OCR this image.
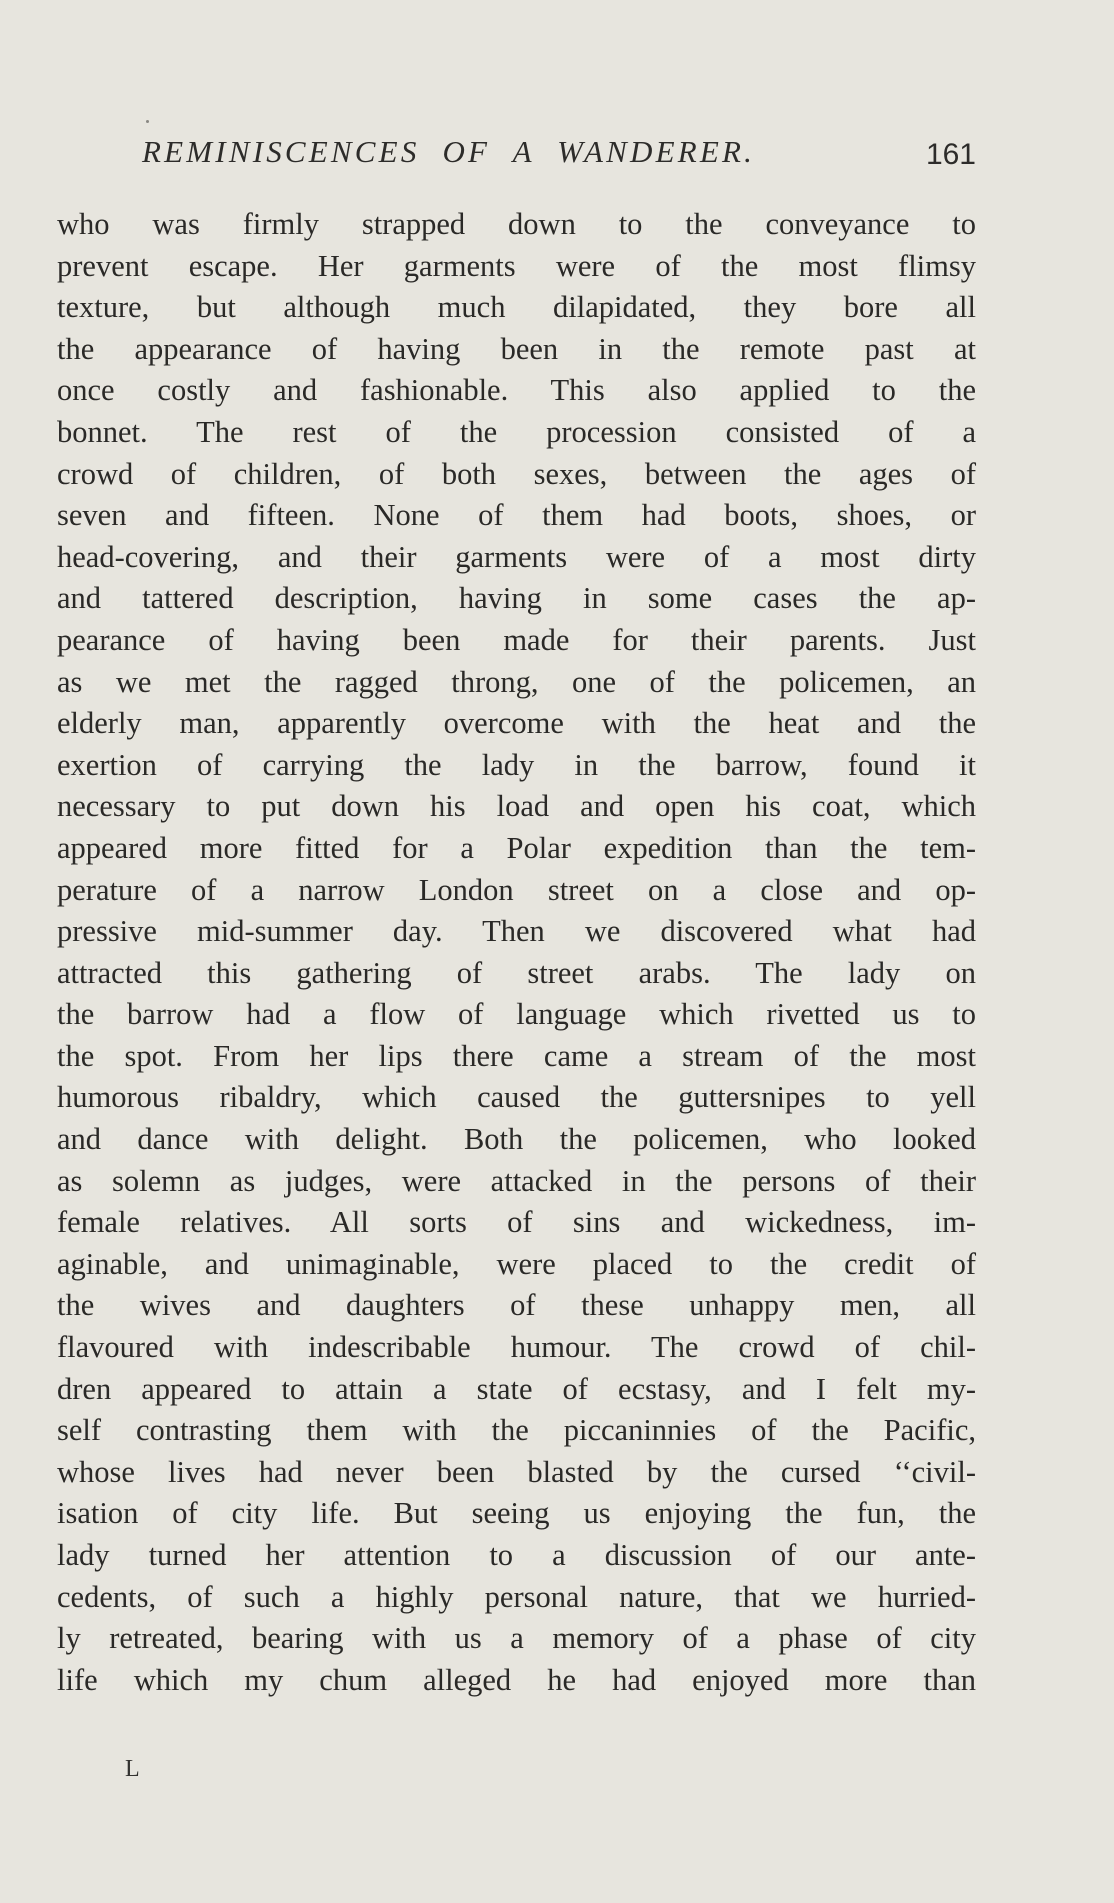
REMINISCENCES OF A WANDERER.	161
who was firmly strapped down to the conveyance to
prevent escape. Her garments were of the most flimsy
texture, but although much dilapidated, they bore all
the appearance of having been in the remote past at
once costly and fashionable. This also applied to the
bonnet. The rest of the procession consisted of a
crowd of children, of both sexes, between the ages of
seven and fifteen. None of them had boots, shoes, or
head-covering, and their garments were of a most dirty
and tattered description, having in some cases the ap-
pearance of having been made for their parents. Just
as we met the ragged throng, one of the policemen, an
elderly man, apparently overcome with the heat and the
exertion of carrying the lady in the barrow, found it
necessary to put down his load and open his coat, which
appeared more fitted for a Polar expedition than the tem-
perature of a narrow London street on a close and op-
pressive mid-summer day. Then we discovered what had
attracted this gathering of street arabs. The lady on
the barrow had a flow of language which rivetted us to
the spot. From her lips there came a stream of the most
humorous ribaldry, which caused the guttersnipes to yell
and dance with delight. Both the policemen, who looked
as solemn as judges, were attacked in the persons of their
female relatives. All sorts of sins and wickedness, im-
aginable, and unimaginable, were placed to the credit of
the wives and daughters of these unhappy men, all
flavoured with indescribable humour. The crowd of chil-
dren appeared to attain a state of ecstasy, and I felt my-
self contrasting them with the piccaninnies of the Pacific,
whose lives had never been blasted by the cursed ‘‘civil-
isation of city life. But seeing us enjoying the fun, the
lady turned her attention to a discussion of our ante-
cedents, of such a highly personal nature, that we hurried-
ly retreated, bearing with us a memory of a phase of city
life which my chum alleged he had enjoyed more than
L
